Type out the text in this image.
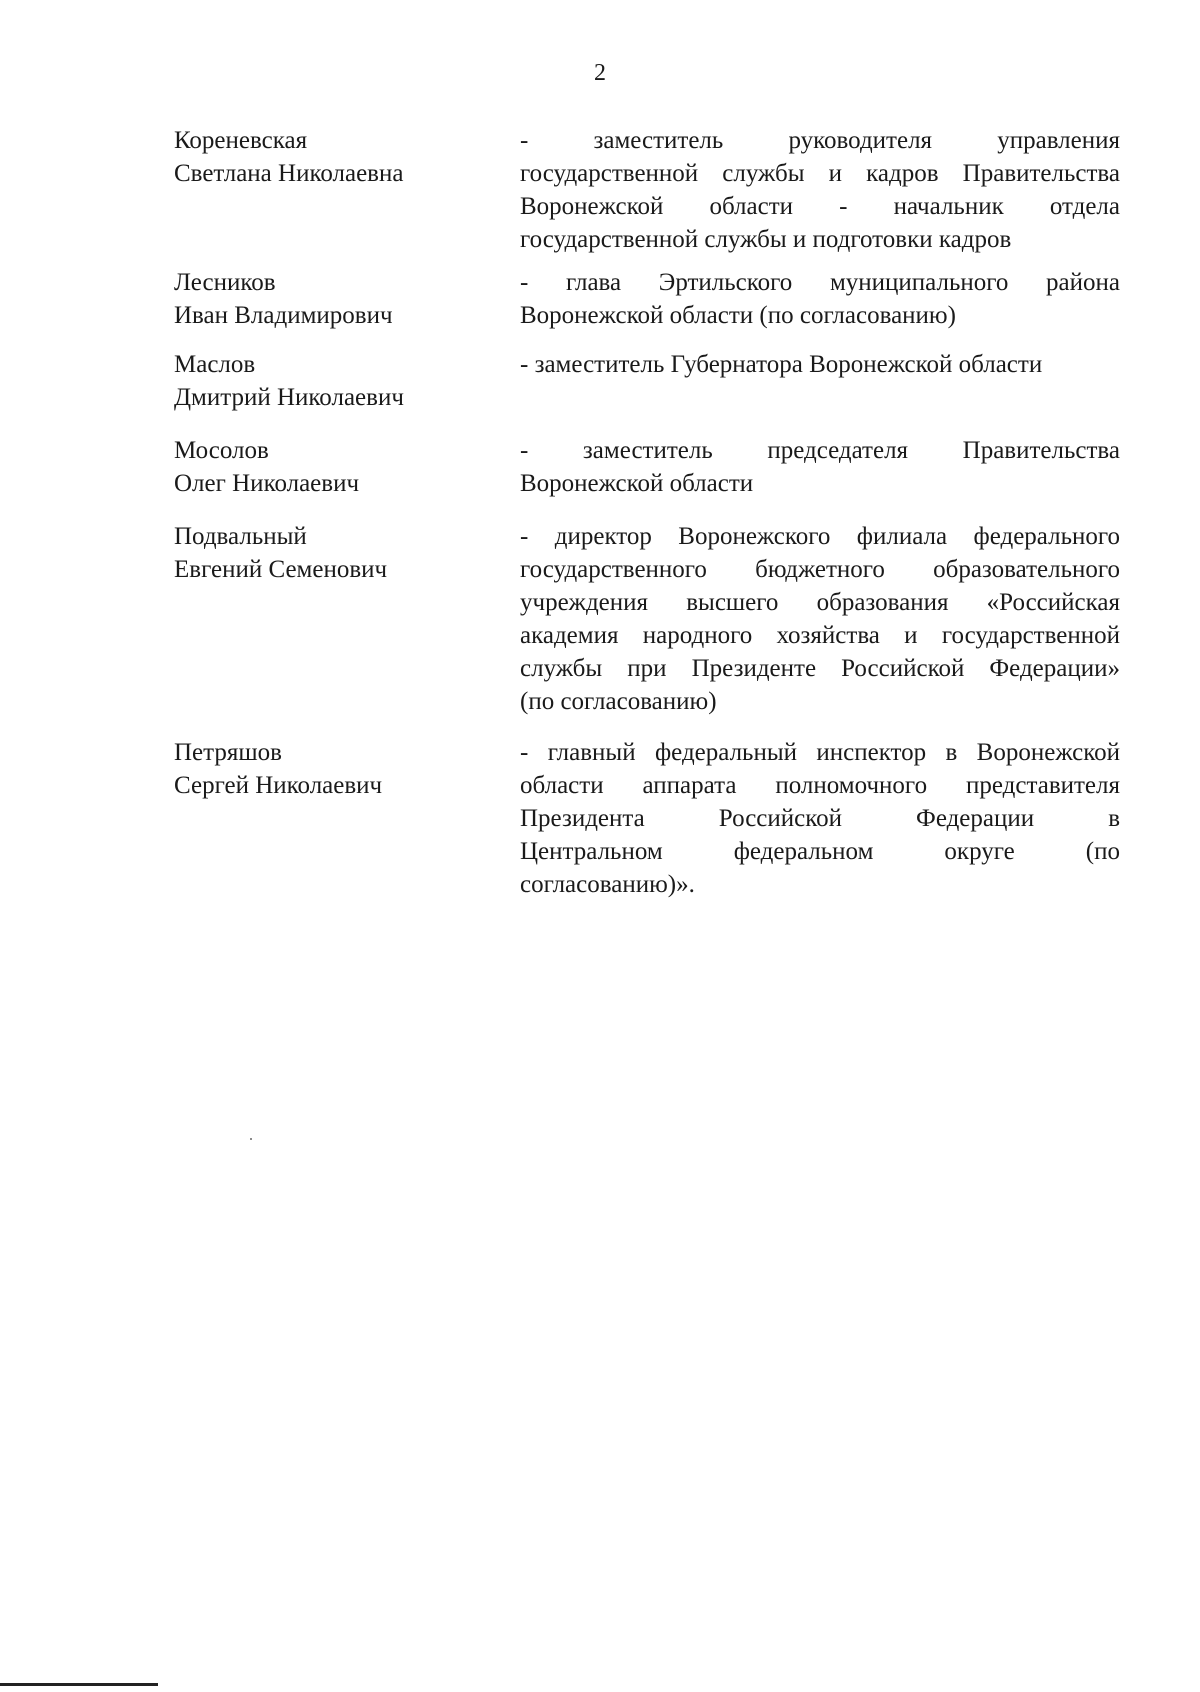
2
Кореневская
Светлана Николаевна
- заместитель руководителя управления
государственной службы и кадров Правительства
Воронежской области - начальник отдела
государственной службы и подготовки кадров
Лесников
Иван Владимирович
- глава Эртильского муниципального района
Воронежской области (по согласованию)
Маслов
Дмитрий Николаевич
- заместитель Губернатора Воронежской области
Мосолов
Олег Николаевич
- заместитель председателя Правительства
Воронежской области
Подвальный
Евгений Семенович
- директор Воронежского филиала федерального
государственного бюджетного образовательного
учреждения высшего образования «Российская
академия народного хозяйства и государственной
службы при Президенте Российской Федерации»
(по согласованию)
Петряшов
Сергей Николаевич
- главный федеральный инспектор в Воронежской
области аппарата полномочного представителя
Президента Российской Федерации в
Центральном федеральном округе (по
согласованию)».
